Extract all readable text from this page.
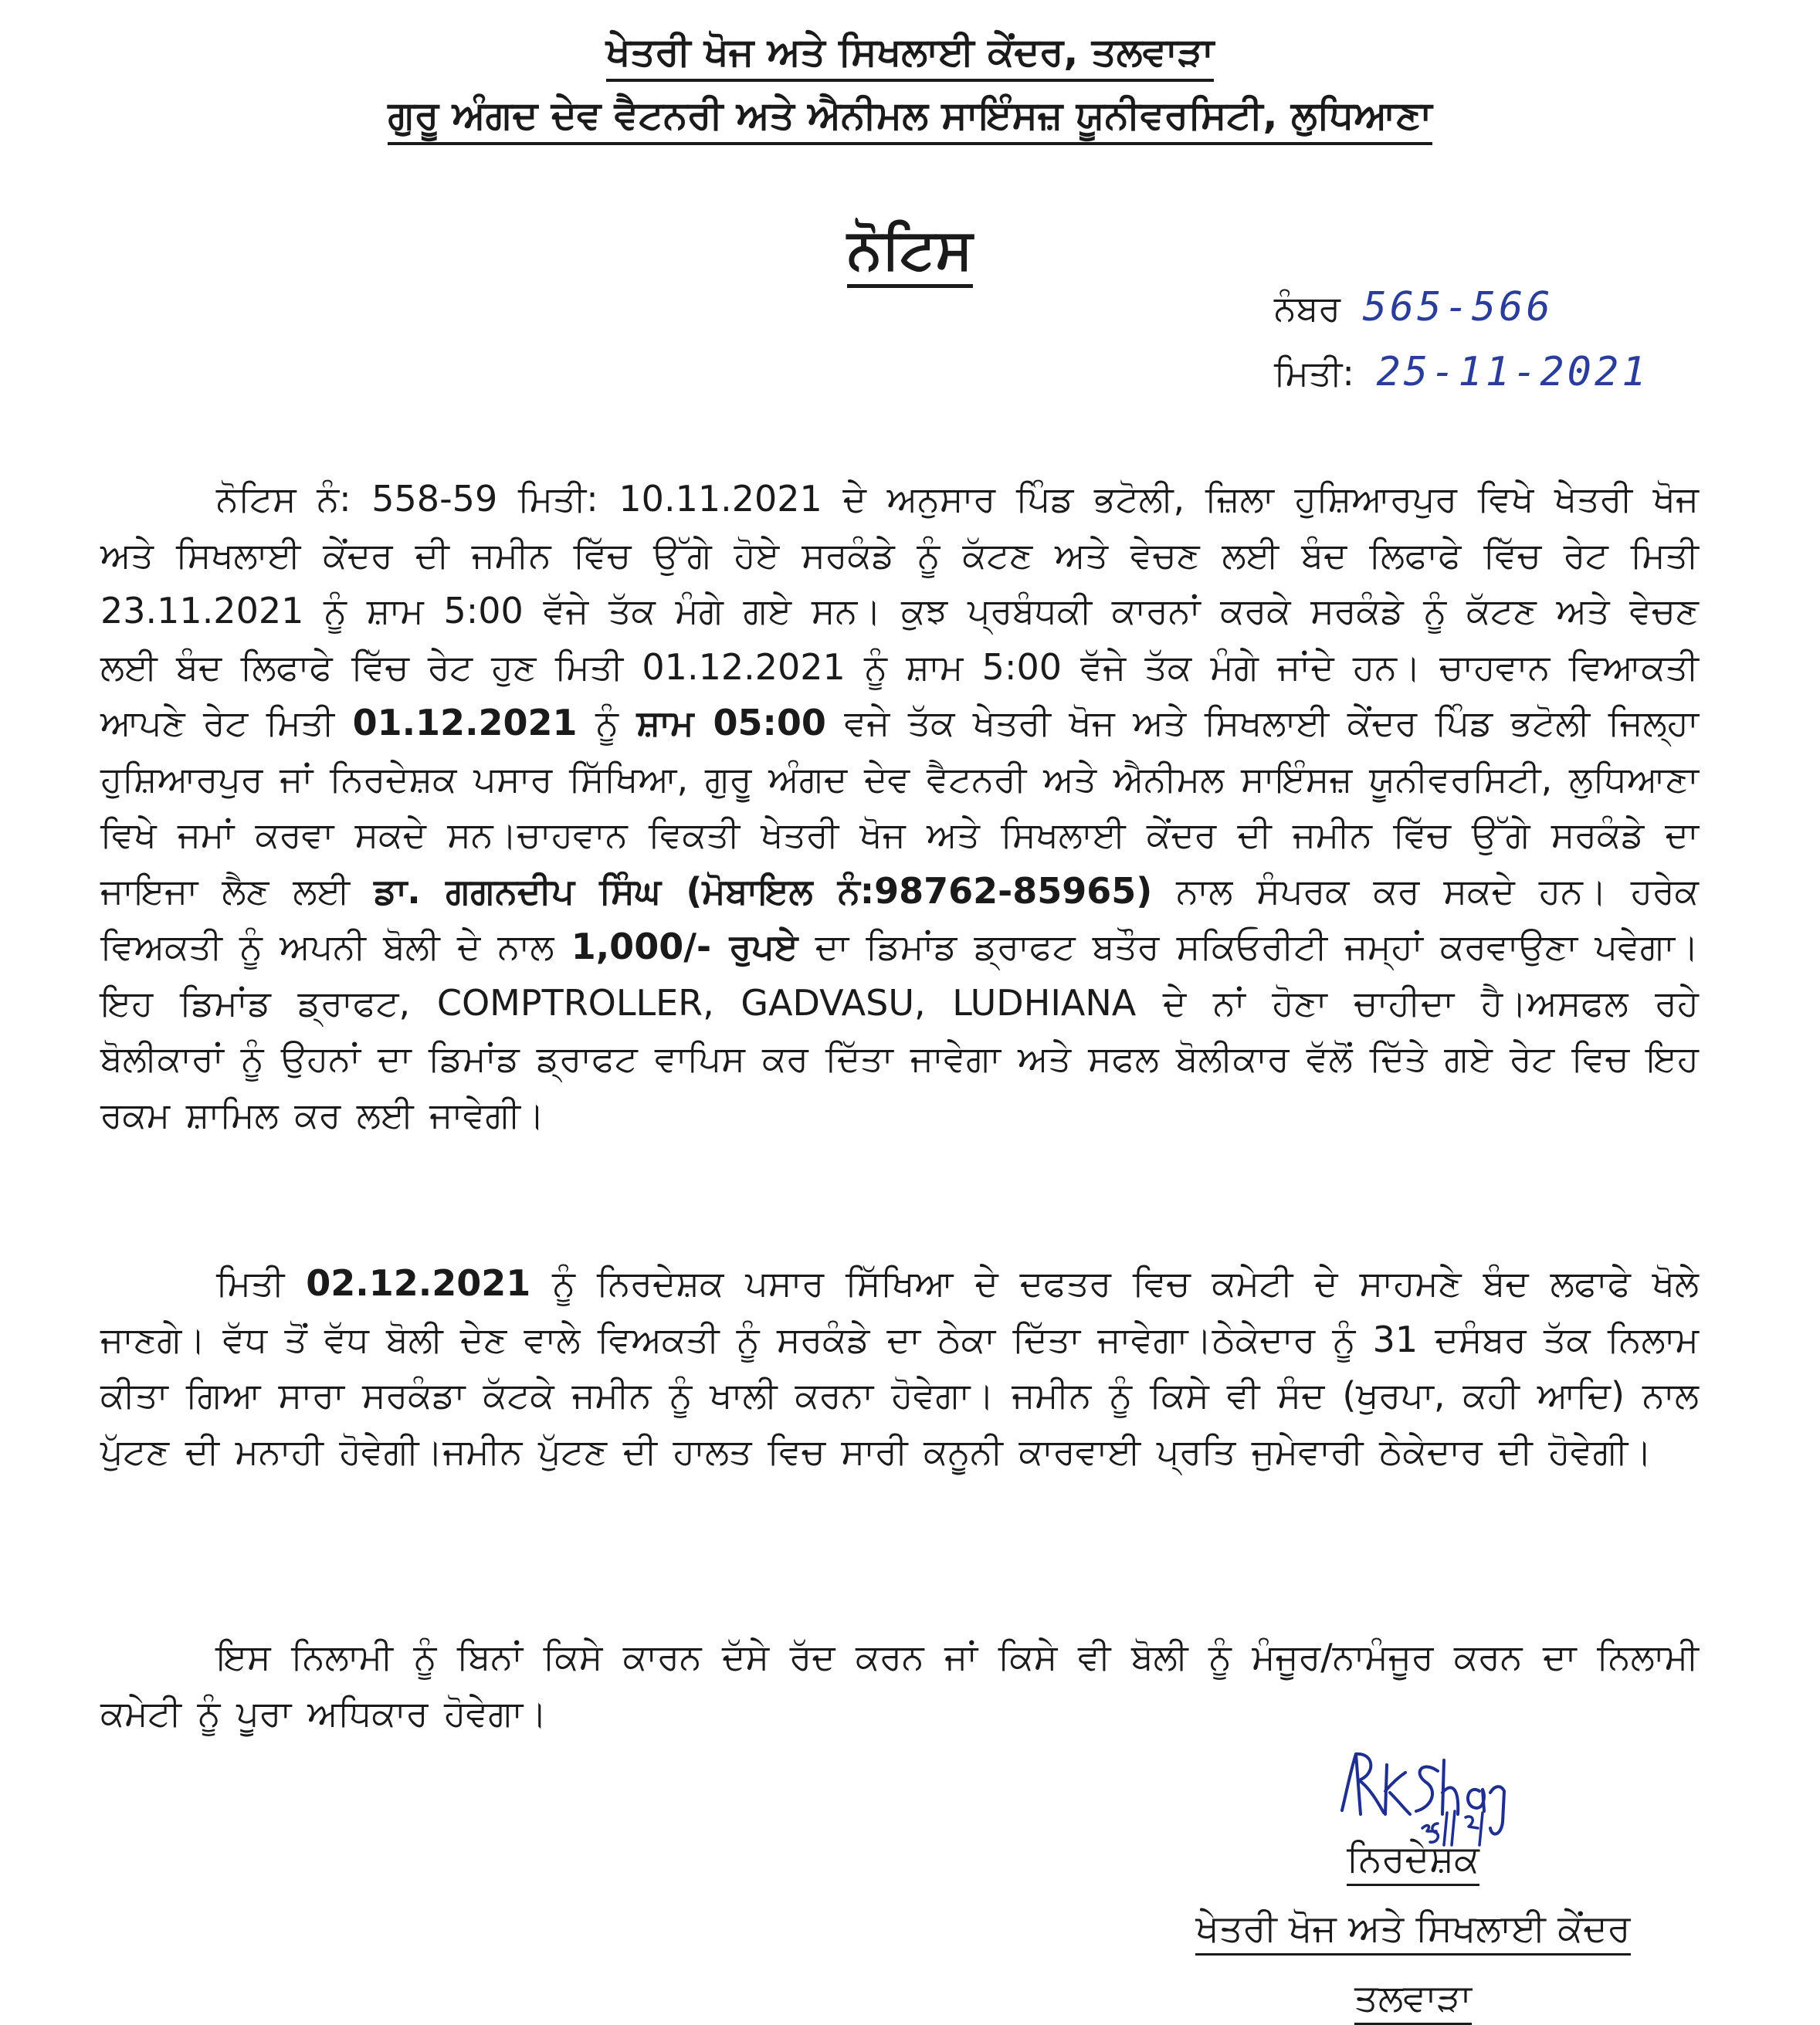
ਖੇਤਰੀ ਖੋਜ ਅਤੇ ਸਿਖਲਾਈ ਕੇਂਦਰ, ਤਲਵਾੜਾ
ਗੁਰੂ ਅੰਗਦ ਦੇਵ ਵੈਟਨਰੀ ਅਤੇ ਐਨੀਮਲ ਸਾਇੰਸਜ਼ ਯੂਨੀਵਰਸਿਟੀ, ਲੁਧਿਆਣਾ
ਨੋਟਿਸ
ਨੰਬਰ 565-566
ਮਿਤੀ: 25-11-2021

ਨੋਟਿਸ ਨੰ: 558-59 ਮਿਤੀ: 10.11.2021 ਦੇ ਅਨੁਸਾਰ ਪਿੰਡ ਭਟੋਲੀ, ਜ਼ਿਲਾ ਹੁਸ਼ਿਆਰਪੁਰ ਵਿਖੇ ਖੇਤਰੀ ਖੋਜ ਅਤੇ ਸਿਖਲਾਈ ਕੇਂਦਰ ਦੀ ਜਮੀਨ ਵਿੱਚ ਉੱਗੇ ਹੋਏ ਸਰਕੰਡੇ ਨੂੰ ਕੱਟਣ ਅਤੇ ਵੇਚਣ ਲਈ ਬੰਦ ਲਿਫਾਫੇ ਵਿੱਚ ਰੇਟ ਮਿਤੀ 23.11.2021 ਨੂੰ ਸ਼ਾਮ 5:00 ਵੱਜੇ ਤੱਕ ਮੰਗੇ ਗਏ ਸਨ। ਕੁਝ ਪ੍ਰਬੰਧਕੀ ਕਾਰਨਾਂ ਕਰਕੇ ਸਰਕੰਡੇ ਨੂੰ ਕੱਟਣ ਅਤੇ ਵੇਚਣ ਲਈ ਬੰਦ ਲਿਫਾਫੇ ਵਿੱਚ ਰੇਟ ਹੁਣ ਮਿਤੀ 01.12.2021 ਨੂੰ ਸ਼ਾਮ 5:00 ਵੱਜੇ ਤੱਕ ਮੰਗੇ ਜਾਂਦੇ ਹਨ। ਚਾਹਵਾਨ ਵਿਆਕਤੀ ਆਪਣੇ ਰੇਟ ਮਿਤੀ 01.12.2021 ਨੂੰ ਸ਼ਾਮ 05:00 ਵਜੇ ਤੱਕ ਖੇਤਰੀ ਖੋਜ ਅਤੇ ਸਿਖਲਾਈ ਕੇਂਦਰ ਪਿੰਡ ਭਟੋਲੀ ਜਿਲ੍ਹਾ ਹੁਸ਼ਿਆਰਪੁਰ ਜਾਂ ਨਿਰਦੇਸ਼ਕ ਪਸਾਰ ਸਿੱਖਿਆ, ਗੁਰੂ ਅੰਗਦ ਦੇਵ ਵੈਟਨਰੀ ਅਤੇ ਐਨੀਮਲ ਸਾਇੰਸਜ਼ ਯੂਨੀਵਰਸਿਟੀ, ਲੁਧਿਆਣਾ ਵਿਖੇ ਜਮਾਂ ਕਰਵਾ ਸਕਦੇ ਸਨ।ਚਾਹਵਾਨ ਵਿਕਤੀ ਖੇਤਰੀ ਖੋਜ ਅਤੇ ਸਿਖਲਾਈ ਕੇਂਦਰ ਦੀ ਜਮੀਨ ਵਿੱਚ ਉੱਗੇ ਸਰਕੰਡੇ ਦਾ ਜਾਇਜਾ ਲੈਣ ਲਈ ਡਾ. ਗਗਨਦੀਪ ਸਿੰਘ (ਮੋਬਾਇਲ ਨੰ:98762-85965) ਨਾਲ ਸੰਪਰਕ ਕਰ ਸਕਦੇ ਹਨ। ਹਰੇਕ ਵਿਅਕਤੀ ਨੂੰ ਅਪਨੀ ਬੋਲੀ ਦੇ ਨਾਲ 1,000/- ਰੁਪਏ ਦਾ ਡਿਮਾਂਡ ਡ੍ਰਾਫਟ ਬਤੌਰ ਸਕਿਓਰੀਟੀ ਜਮ੍ਹਾਂ ਕਰਵਾਉਣਾ ਪਵੇਗਾ। ਇਹ ਡਿਮਾਂਡ ਡ੍ਰਾਫਟ, COMPTROLLER, GADVASU, LUDHIANA ਦੇ ਨਾਂ ਹੋਣਾ ਚਾਹੀਦਾ ਹੈ।ਅਸਫਲ ਰਹੇ ਬੋਲੀਕਾਰਾਂ ਨੂੰ ਉਹਨਾਂ ਦਾ ਡਿਮਾਂਡ ਡ੍ਰਾਫਟ ਵਾਪਿਸ ਕਰ ਦਿੱਤਾ ਜਾਵੇਗਾ ਅਤੇ ਸਫਲ ਬੋਲੀਕਾਰ ਵੱਲੋਂ ਦਿੱਤੇ ਗਏ ਰੇਟ ਵਿਚ ਇਹ ਰਕਮ ਸ਼ਾਮਿਲ ਕਰ ਲਈ ਜਾਵੇਗੀ।

ਮਿਤੀ 02.12.2021 ਨੂੰ ਨਿਰਦੇਸ਼ਕ ਪਸਾਰ ਸਿੱਖਿਆ ਦੇ ਦਫਤਰ ਵਿਚ ਕਮੇਟੀ ਦੇ ਸਾਹਮਣੇ ਬੰਦ ਲਫਾਫੇ ਖੋਲੇ ਜਾਣਗੇ। ਵੱਧ ਤੋਂ ਵੱਧ ਬੋਲੀ ਦੇਣ ਵਾਲੇ ਵਿਅਕਤੀ ਨੂੰ ਸਰਕੰਡੇ ਦਾ ਠੇਕਾ ਦਿੱਤਾ ਜਾਵੇਗਾ।ਠੇਕੇਦਾਰ ਨੂੰ 31 ਦਸੰਬਰ ਤੱਕ ਨਿਲਾਮ ਕੀਤਾ ਗਿਆ ਸਾਰਾ ਸਰਕੰਡਾ ਕੱਟਕੇ ਜਮੀਨ ਨੂੰ ਖਾਲੀ ਕਰਨਾ ਹੋਵੇਗਾ। ਜਮੀਨ ਨੂੰ ਕਿਸੇ ਵੀ ਸੰਦ (ਖੁਰਪਾ, ਕਹੀ ਆਦਿ) ਨਾਲ ਪੁੱਟਣ ਦੀ ਮਨਾਹੀ ਹੋਵੇਗੀ।ਜਮੀਨ ਪੁੱਟਣ ਦੀ ਹਾਲਤ ਵਿਚ ਸਾਰੀ ਕਨੂਨੀ ਕਾਰਵਾਈ ਪ੍ਰਤਿ ਜੁਮੇਵਾਰੀ ਠੇਕੇਦਾਰ ਦੀ ਹੋਵੇਗੀ।

ਇਸ ਨਿਲਾਮੀ ਨੂੰ ਬਿਨਾਂ ਕਿਸੇ ਕਾਰਨ ਦੱਸੇ ਰੱਦ ਕਰਨ ਜਾਂ ਕਿਸੇ ਵੀ ਬੋਲੀ ਨੂੰ ਮੰਜੂਰ/ਨਾਮੰਜੂਰ ਕਰਨ ਦਾ ਨਿਲਾਮੀ ਕਮੇਟੀ ਨੂੰ ਪੂਰਾ ਅਧਿਕਾਰ ਹੋਵੇਗਾ।

ਨਿਰਦੇਸ਼ਕ
ਖੇਤਰੀ ਖੋਜ ਅਤੇ ਸਿਖਲਾਈ ਕੇਂਦਰ
ਤਲਵਾੜਾ
